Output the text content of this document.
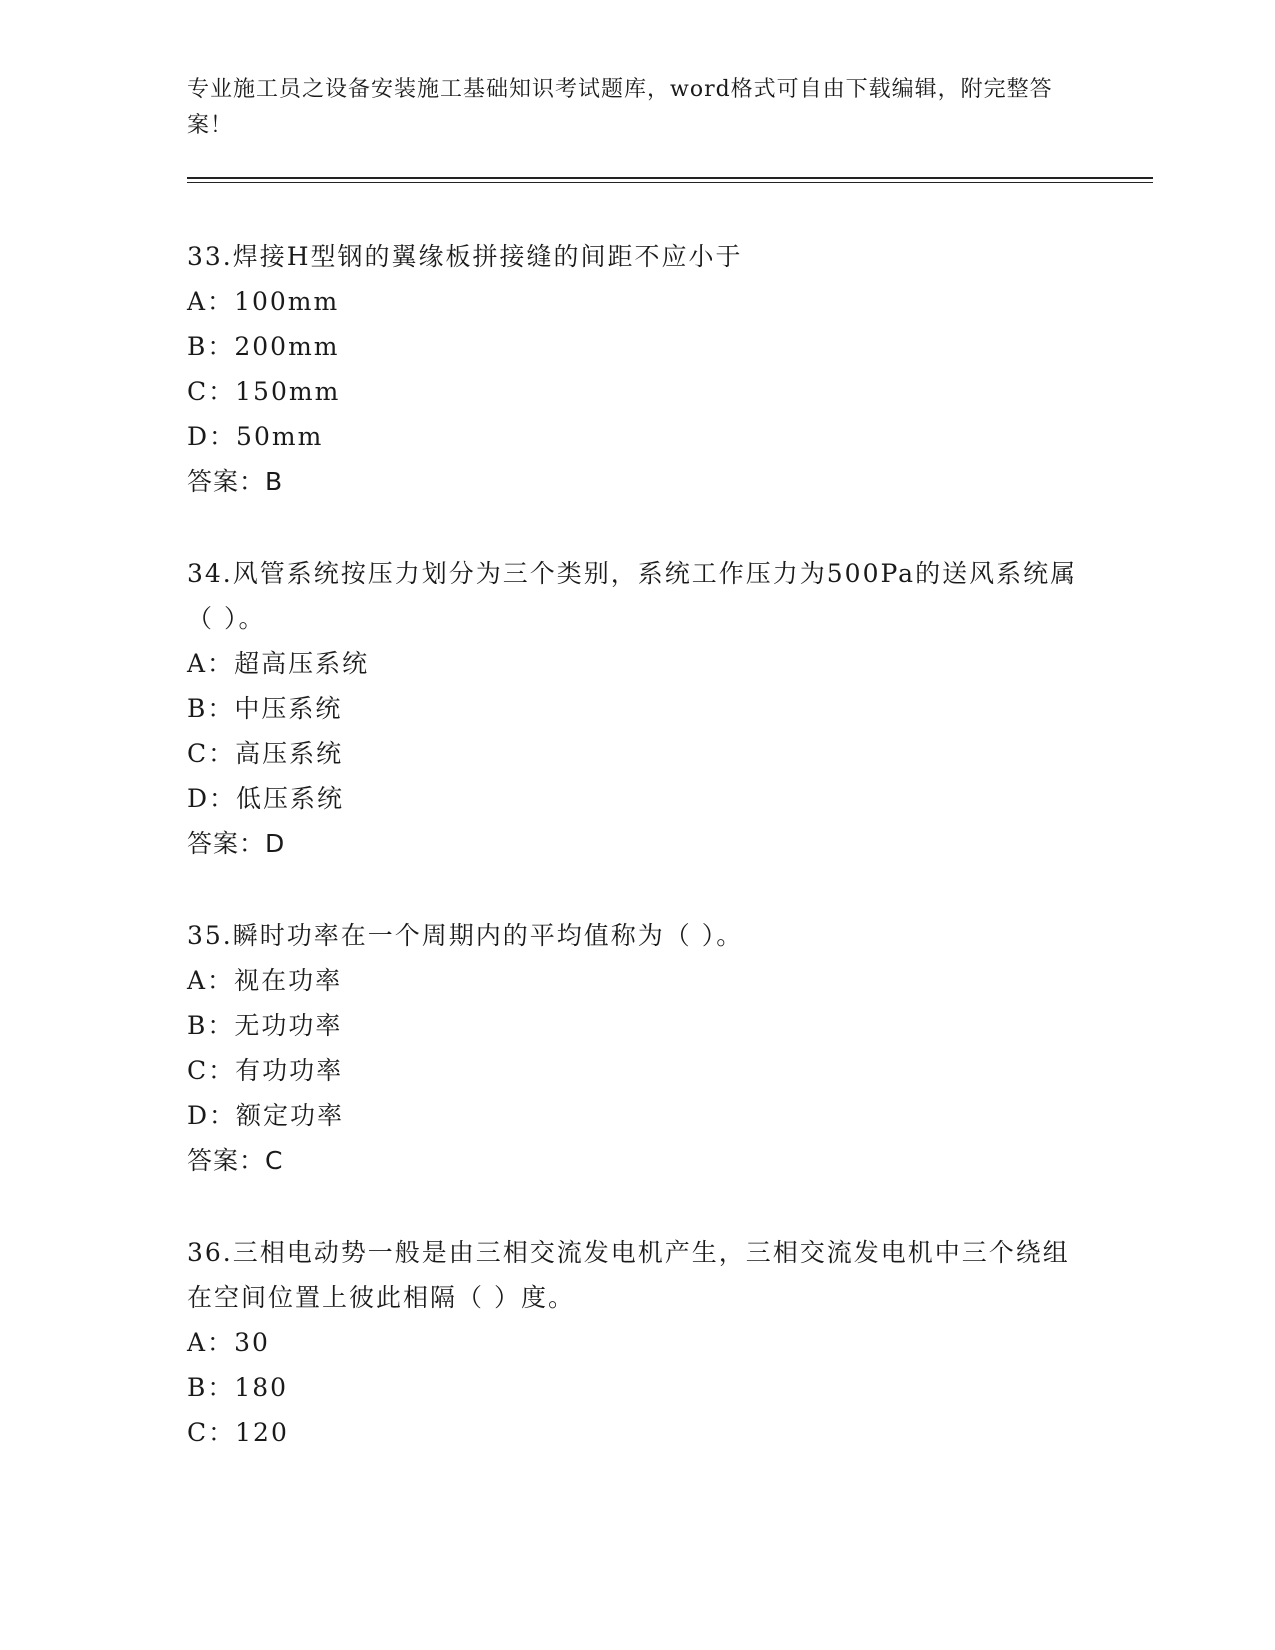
专业施工员之设备安装施工基础知识考试题库，word格式可自由下载编辑，附完整答案！

33.焊接H型钢的翼缘板拼接缝的间距不应小于

A：100mm

B：200mm

C：150mm

D：50mm

答案：B

34.风管系统按压力划分为三个类别，系统工作压力为500Pa的送风系统属（ ）。

A：超高压系统

B：中压系统

C：高压系统

D：低压系统

答案：D

35.瞬时功率在一个周期内的平均值称为（ ）。

A：视在功率

B：无功功率

C：有功功率

D：额定功率

答案：C

36.三相电动势一般是由三相交流发电机产生，三相交流发电机中三个绕组在空间位置上彼此相隔（ ）度。

A：30

B：180

C：120
